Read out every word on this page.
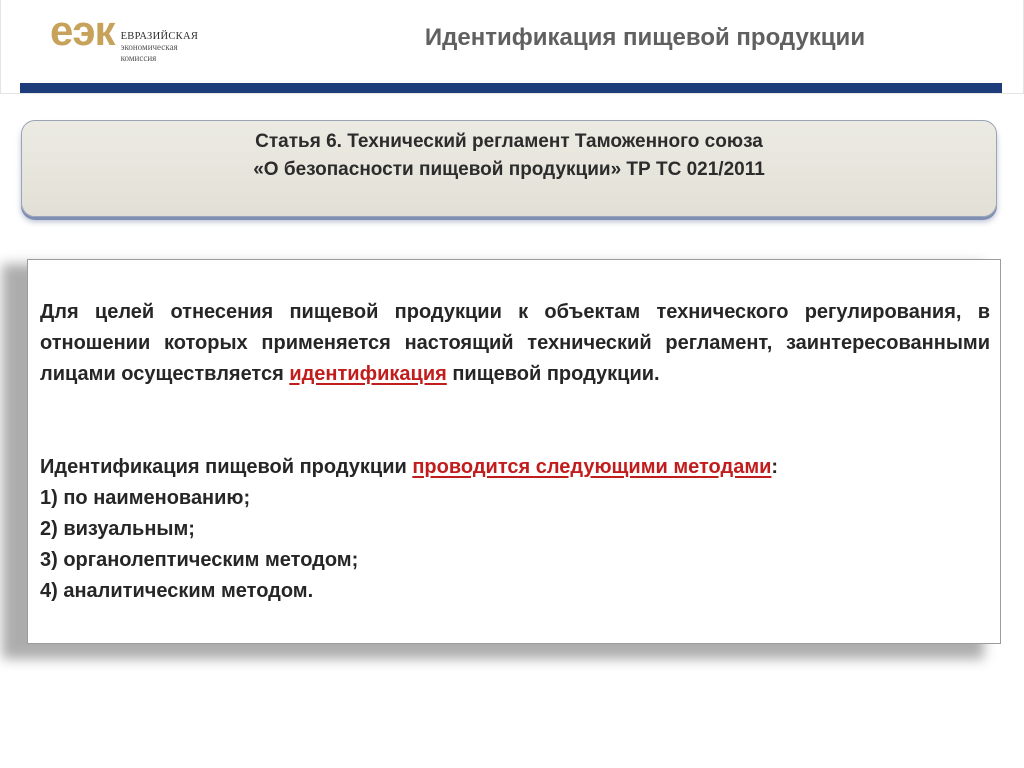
еэк ЕВРАЗИЙСКАЯ
экономическая
комиссия
Идентификация пищевой продукции
Статья 6. Технический регламент Таможенного союза
«О безопасности пищевой продукции» ТР ТС 021/2011
Для целей отнесения пищевой продукции к объектам технического регулирования, в отношении которых применяется настоящий технический регламент, заинтересованными лицами осуществляется идентификация пищевой продукции.
Идентификация пищевой продукции проводится следующими методами:
1) по наименованию;
2) визуальным;
3) органолептическим методом;
4) аналитическим методом.
